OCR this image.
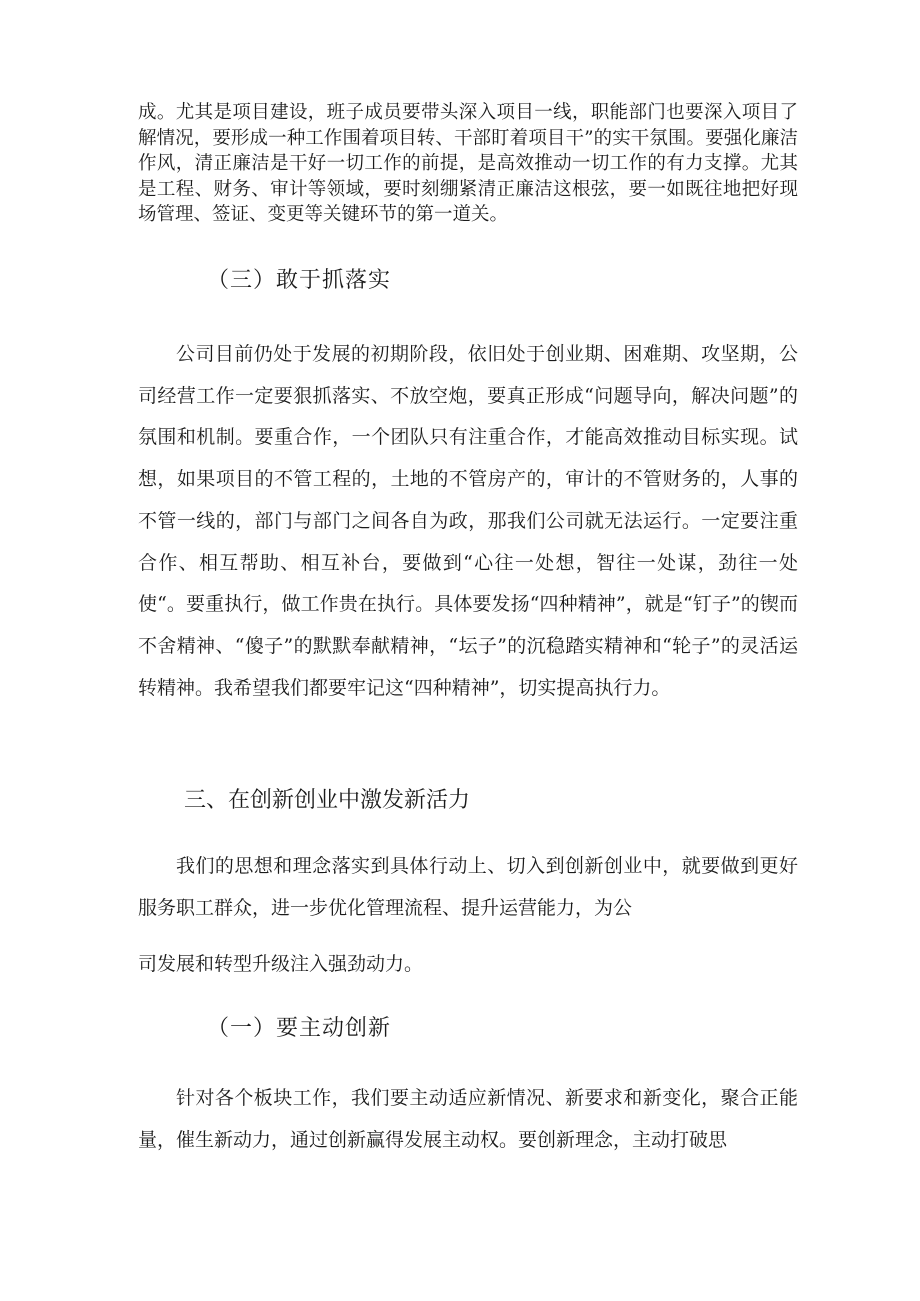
成。尤其是项目建设，班子成员要带头深入项目一线，职能部门也要深入项目了解情况，要形成一种工作围着项目转、干部盯着项目干”的实干氛围。要强化廉洁作风，清正廉洁是干好一切工作的前提，是高效推动一切工作的有力支撑。尤其是工程、财务、审计等领域，要时刻绷紧清正廉洁这根弦，要一如既往地把好现场管理、签证、变更等关键环节的第一道关。

（三）敢于抓落实

公司目前仍处于发展的初期阶段，依旧处于创业期、困难期、攻坚期，公司经营工作一定要狠抓落实、不放空炮，要真正形成“问题导向，解决问题”的氛围和机制。要重合作，一个团队只有注重合作，才能高效推动目标实现。试想，如果项目的不管工程的，土地的不管房产的，审计的不管财务的，人事的不管一线的，部门与部门之间各自为政，那我们公司就无法运行。一定要注重合作、相互帮助、相互补台，要做到“心往一处想，智往一处谋，劲往一处使“。要重执行，做工作贵在执行。具体要发扬“四种精神”，就是“钉子”的锲而不舍精神、“傻子”的默默奉献精神，“坛子”的沉稳踏实精神和“轮子”的灵活运转精神。我希望我们都要牢记这“四种精神”，切实提高执行力。

三、在创新创业中激发新活力

我们的思想和理念落实到具体行动上、切入到创新创业中，就要做到更好服务职工群众，进一步优化管理流程、提升运营能力，为公

司发展和转型升级注入强劲动力。

（一）要主动创新

针对各个板块工作，我们要主动适应新情况、新要求和新变化，聚合正能量，催生新动力，通过创新赢得发展主动权。要创新理念，主动打破思
